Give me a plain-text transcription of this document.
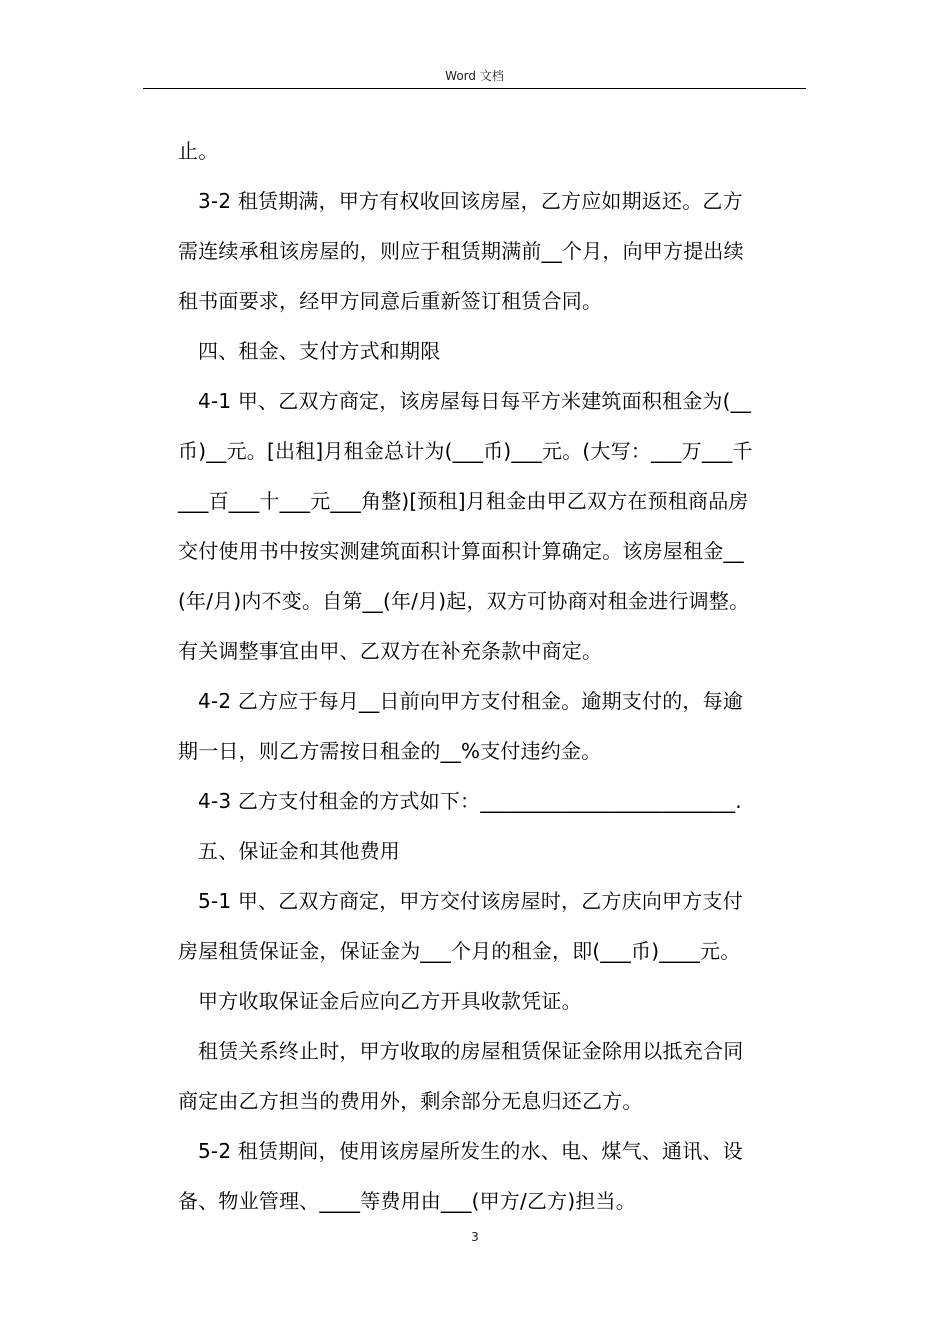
Word 文档

止。

3-2 租赁期满，甲方有权收回该房屋，乙方应如期返还。乙方

需连续承租该房屋的，则应于租赁期满前__个月，向甲方提出续

租书面要求，经甲方同意后重新签订租赁合同。

四、租金、支付方式和期限

4-1 甲、乙双方商定，该房屋每日每平方米建筑面积租金为(__

币)__元。[出租]月租金总计为(___币)___元。(大写：___万___千

___百___十___元___角整)[预租]月租金由甲乙双方在预租商品房

交付使用书中按实测建筑面积计算面积计算确定。该房屋租金__

(年/月)内不变。自第__(年/月)起，双方可协商对租金进行调整。

有关调整事宜由甲、乙双方在补充条款中商定。

4-2 乙方应于每月__日前向甲方支付租金。逾期支付的，每逾

期一日，则乙方需按日租金的__%支付违约金。

4-3 乙方支付租金的方式如下：_________________________.

五、保证金和其他费用

5-1 甲、乙双方商定，甲方交付该房屋时，乙方庆向甲方支付

房屋租赁保证金，保证金为___个月的租金，即(___币)____元。

甲方收取保证金后应向乙方开具收款凭证。

租赁关系终止时，甲方收取的房屋租赁保证金除用以抵充合同

商定由乙方担当的费用外，剩余部分无息归还乙方。

5-2 租赁期间，使用该房屋所发生的水、电、煤气、通讯、设

备、物业管理、____等费用由___(甲方/乙方)担当。

3
